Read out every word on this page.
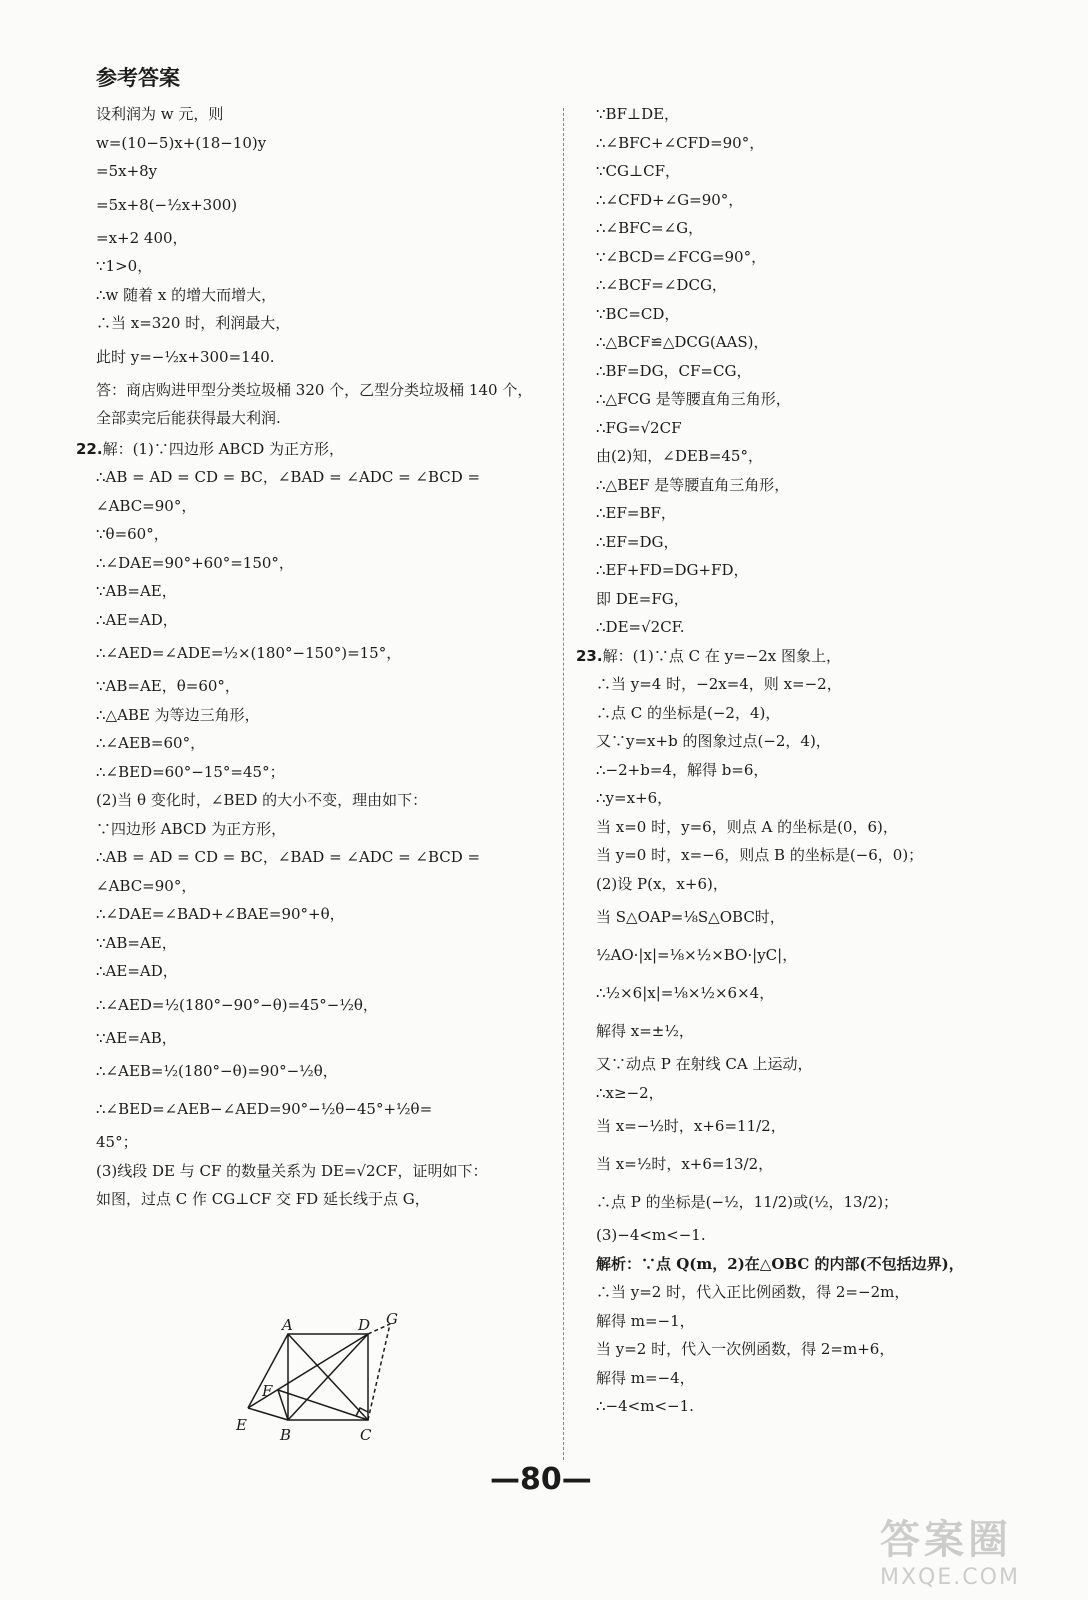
参考答案
设利润为 w 元，则
w=(10−5)x+(18−10)y
=5x+8y
=5x+8(−½x+300)
=x+2 400，
∵1>0，
∴w 随着 x 的增大而增大，
∴当 x=320 时，利润最大，
此时 y=−½x+300=140.
答：商店购进甲型分类垃圾桶 320 个，乙型分类垃圾桶 140 个，全部卖完后能获得最大利润.
22.解：(1)∵四边形 ABCD 为正方形，
∴AB = AD = CD = BC，∠BAD = ∠ADC = ∠BCD =
∠ABC=90°，
∵θ=60°，
∴∠DAE=90°+60°=150°，
∵AB=AE，
∴AE=AD，
∴∠AED=∠ADE=½×(180°−150°)=15°，
∵AB=AE，θ=60°，
∴△ABE 为等边三角形，
∴∠AEB=60°，
∴∠BED=60°−15°=45°；
(2)当 θ 变化时，∠BED 的大小不变，理由如下：
∵四边形 ABCD 为正方形，
∴AB = AD = CD = BC，∠BAD = ∠ADC = ∠BCD =
∠ABC=90°，
∴∠DAE=∠BAD+∠BAE=90°+θ，
∵AB=AE，
∴AE=AD，
∴∠AED=½(180°−90°−θ)=45°−½θ，
∵AE=AB，
∴∠AEB=½(180°−θ)=90°−½θ，
∴∠BED=∠AEB−∠AED=90°−½θ−45°+½θ=
45°；
(3)线段 DE 与 CF 的数量关系为 DE=√2CF，证明如下：
如图，过点 C 作 CG⊥CF 交 FD 延长线于点 G，
A	D G
F
E
B	C
∵BF⊥DE，
∴∠BFC+∠CFD=90°，
∵CG⊥CF，
∴∠CFD+∠G=90°，
∴∠BFC=∠G，
∵∠BCD=∠FCG=90°，
∴∠BCF=∠DCG，
∵BC=CD，
∴△BCF≌△DCG(AAS)，
∴BF=DG，CF=CG，
∴△FCG 是等腰直角三角形，
∴FG=√2CF
由(2)知，∠DEB=45°，
∴△BEF 是等腰直角三角形，
∴EF=BF，
∴EF=DG，
∴EF+FD=DG+FD，
即 DE=FG，
∴DE=√2CF.
23.解：(1)∵点 C 在 y=−2x 图象上，
∴当 y=4 时，−2x=4，则 x=−2，
∴点 C 的坐标是(−2，4)，
又∵y=x+b 的图象过点(−2，4)，
∴−2+b=4，解得 b=6，
∴y=x+6，
当 x=0 时，y=6，则点 A 的坐标是(0，6)，
当 y=0 时，x=−6，则点 B 的坐标是(−6，0)；
(2)设 P(x，x+6)，
当 S△OAP=⅛S△OBC时，
½AO·|x|=⅛×½×BO·|yC|，
∴½×6|x|=⅛×½×6×4，
解得 x=±½，
又∵动点 P 在射线 CA 上运动，
∴x≥−2，
当 x=−½时，x+6=11/2，
当 x=½时，x+6=13/2，
∴点 P 的坐标是(−½，11/2)或(½，13/2)；
(3)−4<m<−1.
解析：∵点 Q(m，2)在△OBC 的内部(不包括边界)，
∴当 y=2 时，代入正比例函数，得 2=−2m，
解得 m=−1，
当 y=2 时，代入一次例函数，得 2=m+6，
解得 m=−4，
∴−4<m<−1.
—80—
答案圈
MXQE.COM
